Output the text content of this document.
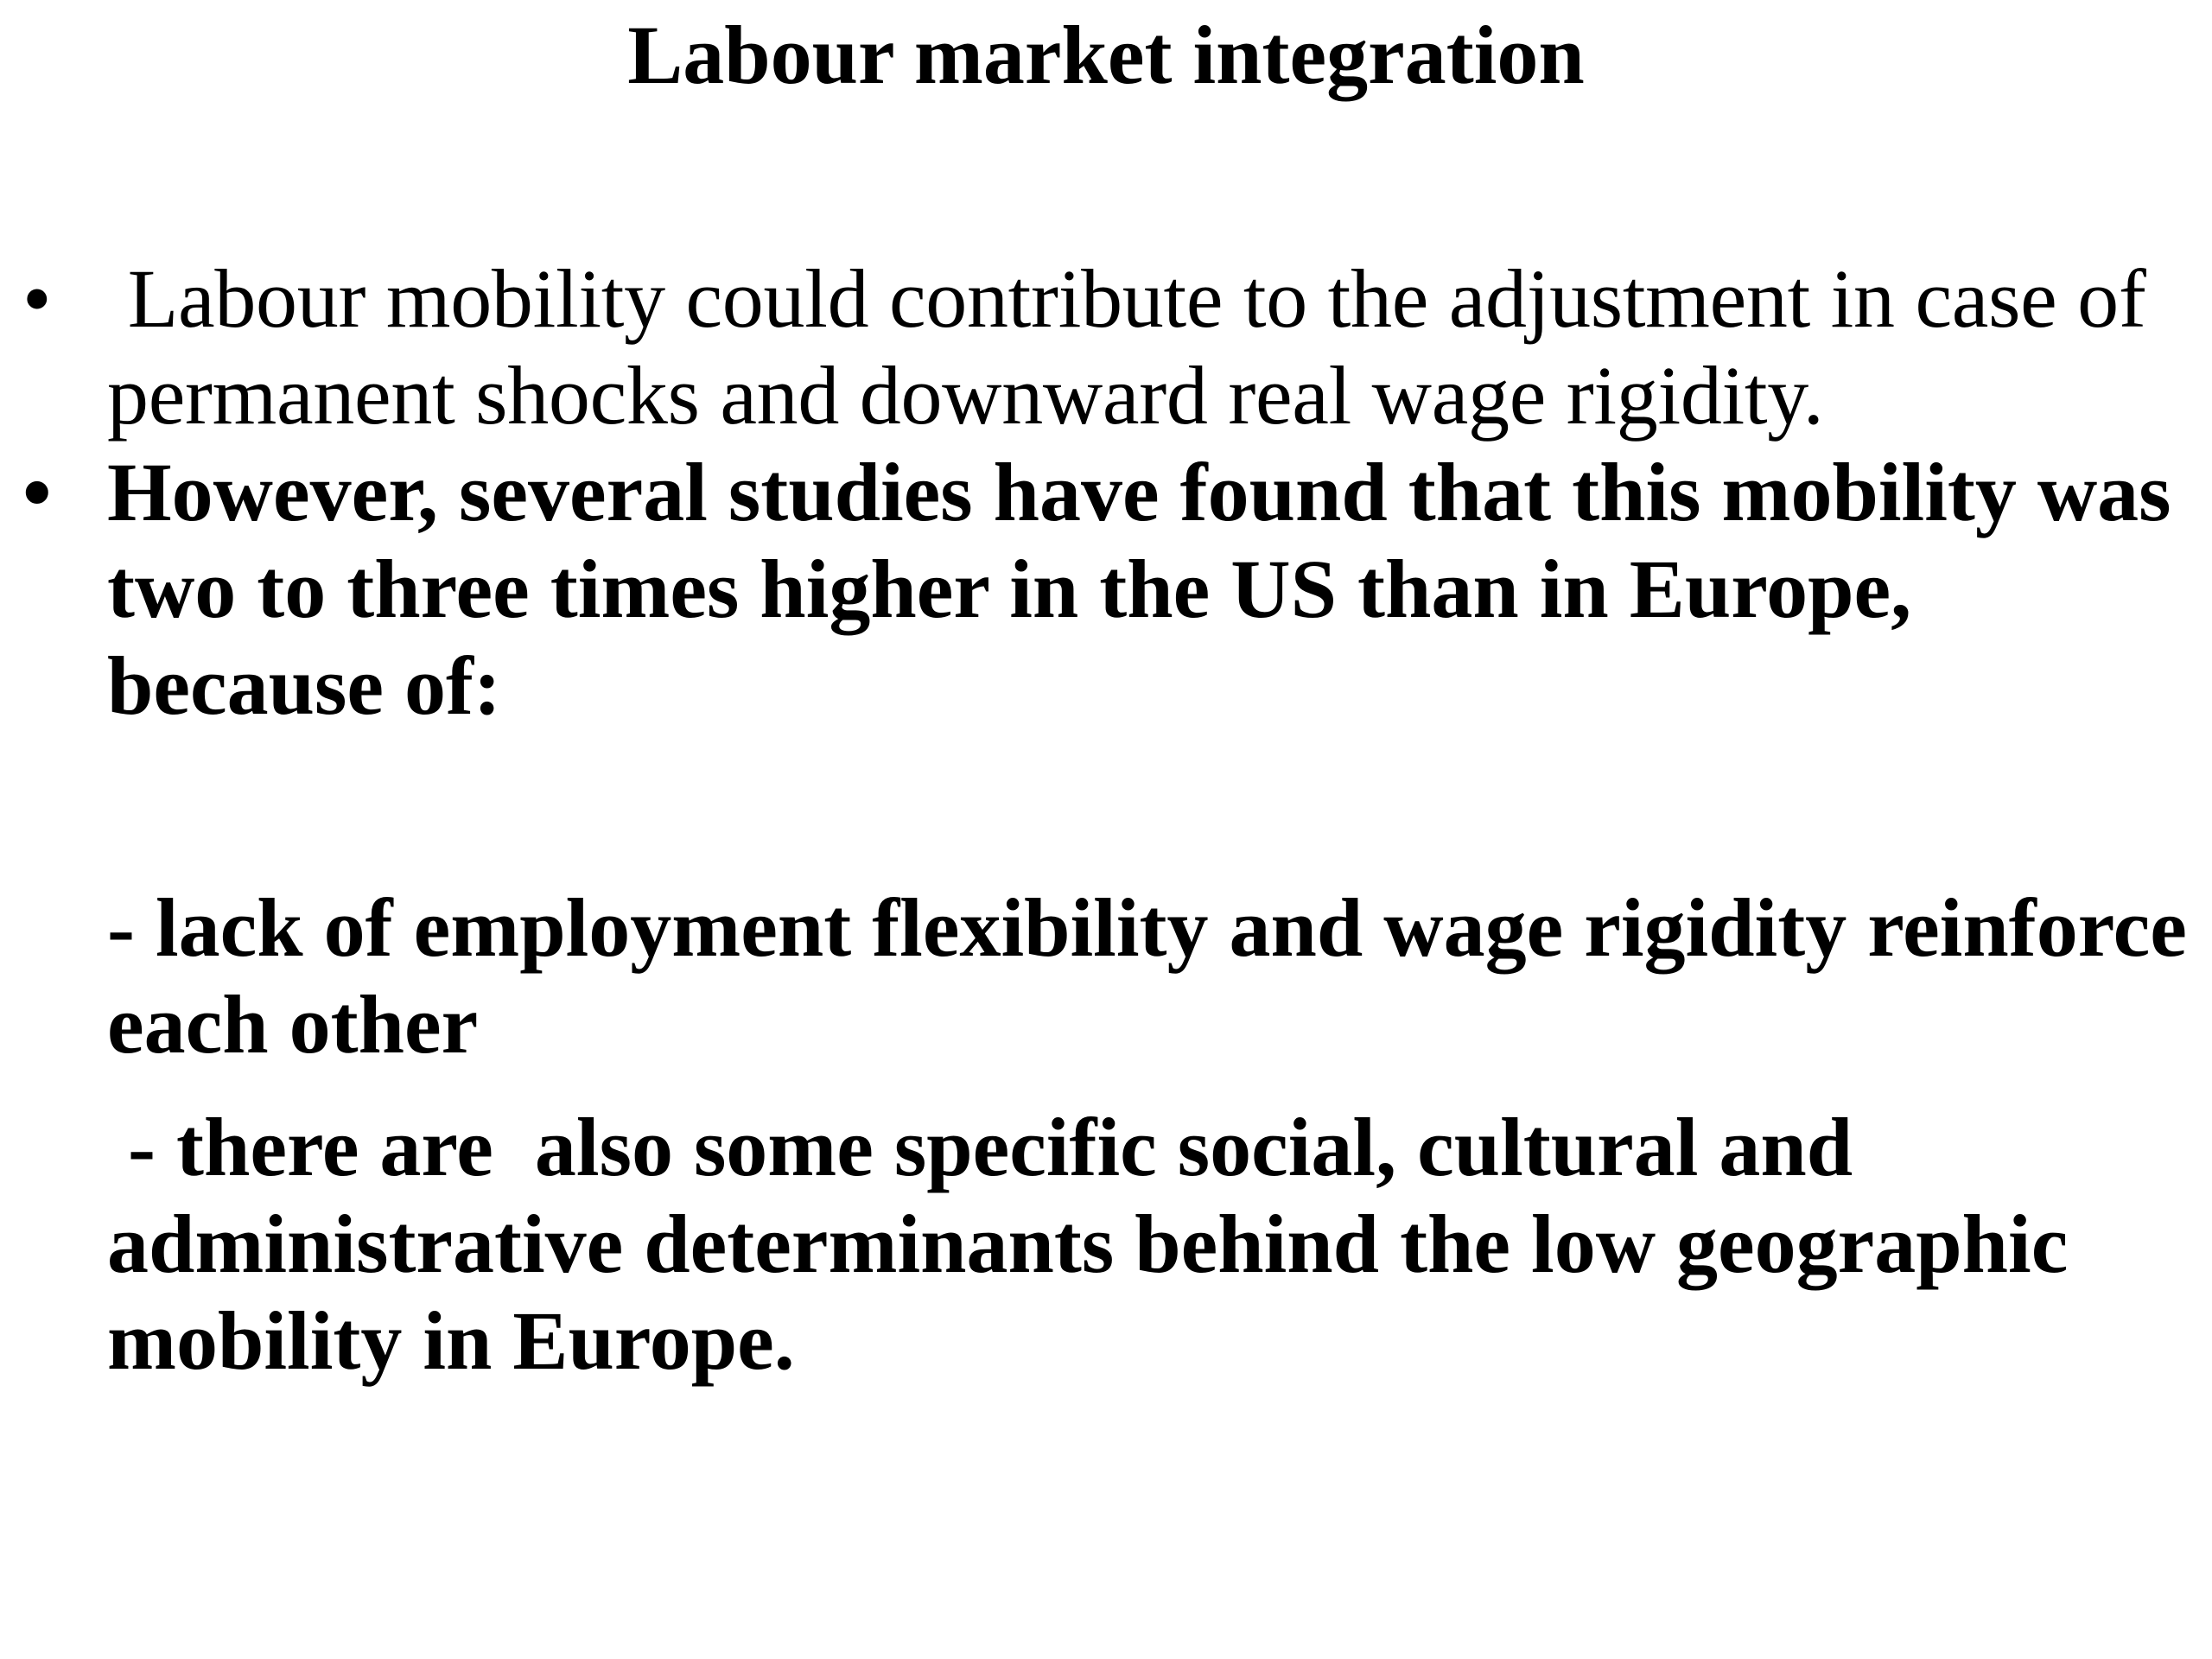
Labour market integration
• Labour mobility could contribute to the adjustment in case of permanent shocks and downward real wage rigidity.
• However, several studies have found that this mobility was two to three times higher in the US than in Europe, because of:
- lack of employment flexibility and wage rigidity reinforce each other
- there are  also some specific social, cultural and administrative determinants behind the low geographic mobility in Europe.
